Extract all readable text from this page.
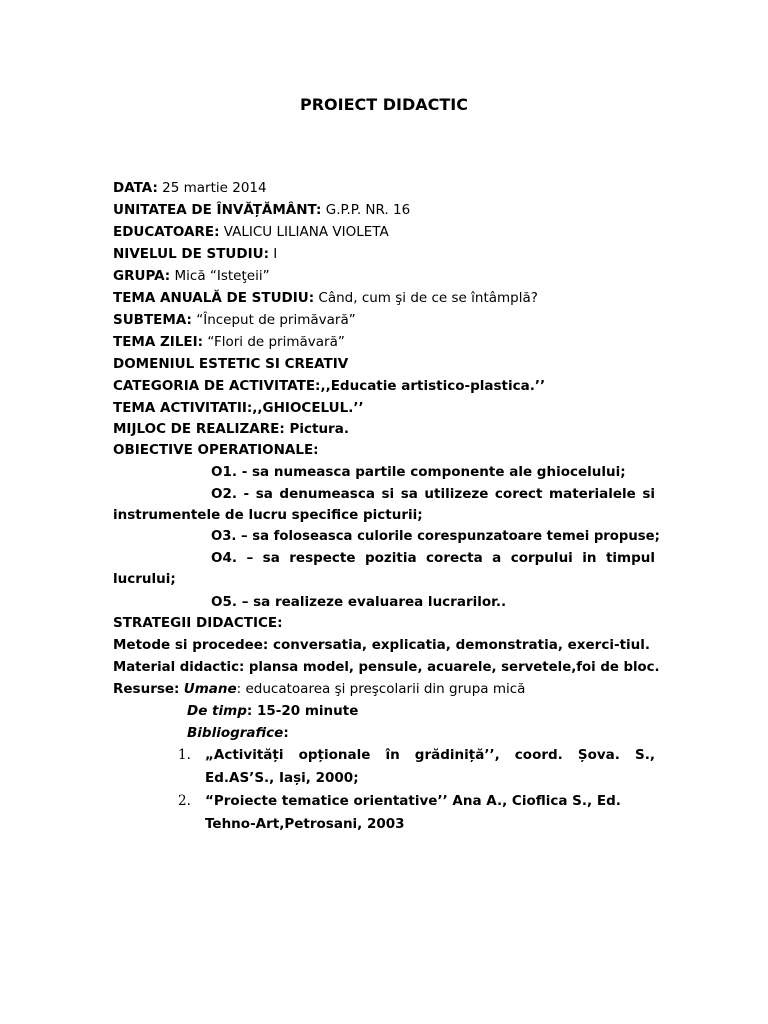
PROIECT DIDACTIC
DATA: 25 martie 2014
UNITATEA DE ÎNVĂȚĂMÂNT: G.P.P. NR. 16
EDUCATOARE: VALICU LILIANA VIOLETA
NIVELUL DE STUDIU: I
GRUPA: Mică “Isteţeii”
TEMA ANUALĂ DE STUDIU: Când, cum şi de ce se întâmplă?
SUBTEMA: “Început de primăvară”
TEMA ZILEI: “Flori de primăvară”
DOMENIUL ESTETIC SI CREATIV
CATEGORIA DE ACTIVITATE:,,Educatie artistico-plastica.’’
TEMA ACTIVITATII:,,GHIOCELUL.’’
MIJLOC DE REALIZARE: Pictura.
OBIECTIVE OPERATIONALE:
O1. - sa numeasca partile componente ale ghiocelului;
O2. - sa denumeasca si sa utilizeze corect materialele si
instrumentele de lucru specifice picturii;
O3. – sa foloseasca culorile corespunzatoare temei propuse;
O4. – sa respecte pozitia corecta a corpului in timpul
lucrului;
O5. – sa realizeze evaluarea lucrarilor..
STRATEGII DIDACTICE:
Metode si procedee: conversatia, explicatia, demonstratia, exerci-tiul.
Material didactic: plansa model, pensule, acuarele, servetele,foi de bloc.
Resurse: Umane: educatoarea şi preşcolarii din grupa mică
De timp: 15-20 minute
Bibliografice:
1. „Activități opționale în grădiniță’’, coord. Șova. S.,
Ed.AS’S., Iași, 2000;
2. “Proiecte tematice orientative’’ Ana A., Cioflica S., Ed.
Tehno-Art,Petrosani, 2003
